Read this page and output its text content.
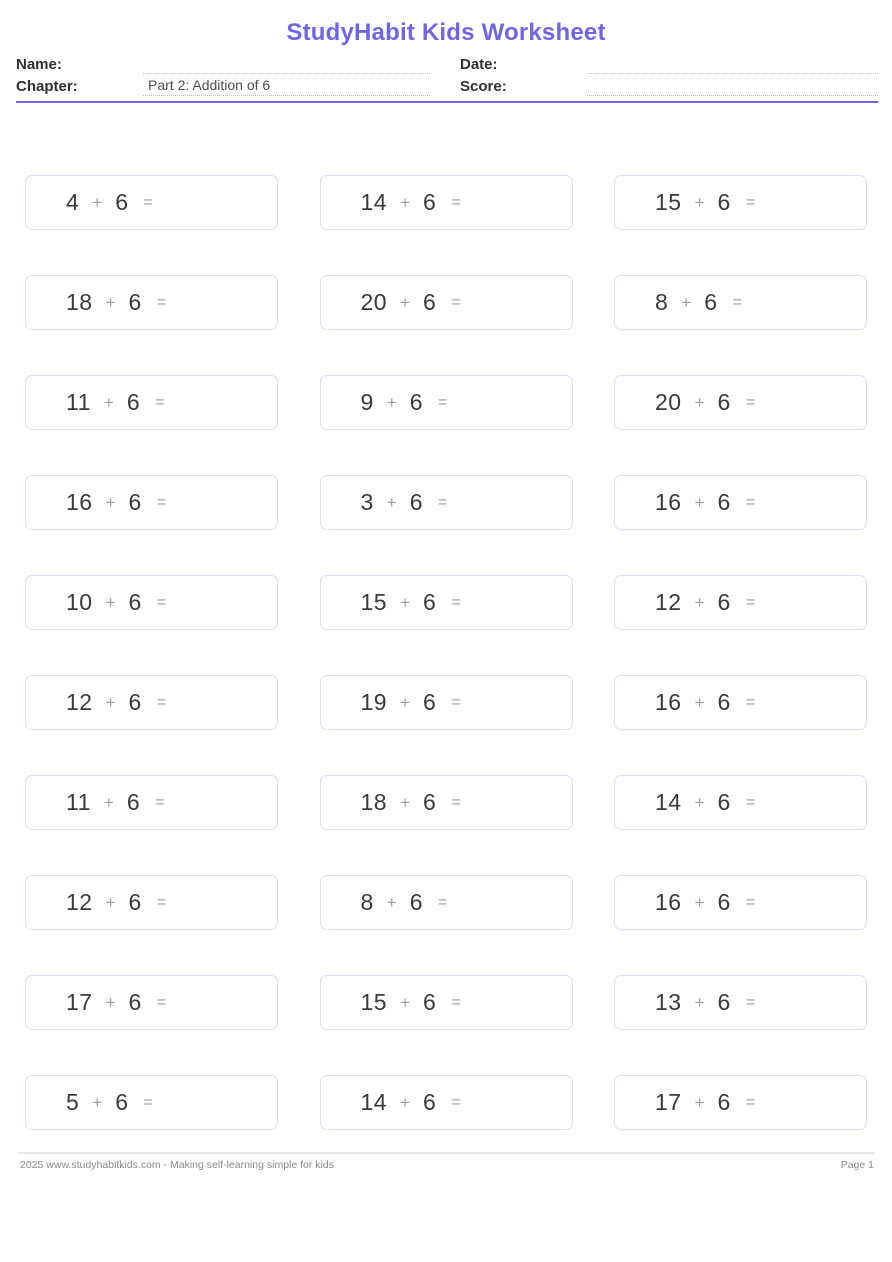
StudyHabit Kids Worksheet
Name:
Chapter:	Part 2: Addition of 6
Date:
Score:
4 + 6 =	14 + 6 =	15 + 6 =
18 + 6 =	20 + 6 =	8 + 6 =
11 + 6 =	9 + 6 =	20 + 6 =
16 + 6 =	3 + 6 =	16 + 6 =
10 + 6 =	15 + 6 =	12 + 6 =
12 + 6 =	19 + 6 =	16 + 6 =
11 + 6 =	18 + 6 =	14 + 6 =
12 + 6 =	8 + 6 =	16 + 6 =
17 + 6 =	15 + 6 =	13 + 6 =
5 + 6 =	14 + 6 =	17 + 6 =
2025 www.studyhabitkids.com - Making self-learning simple for kids	Page 1
